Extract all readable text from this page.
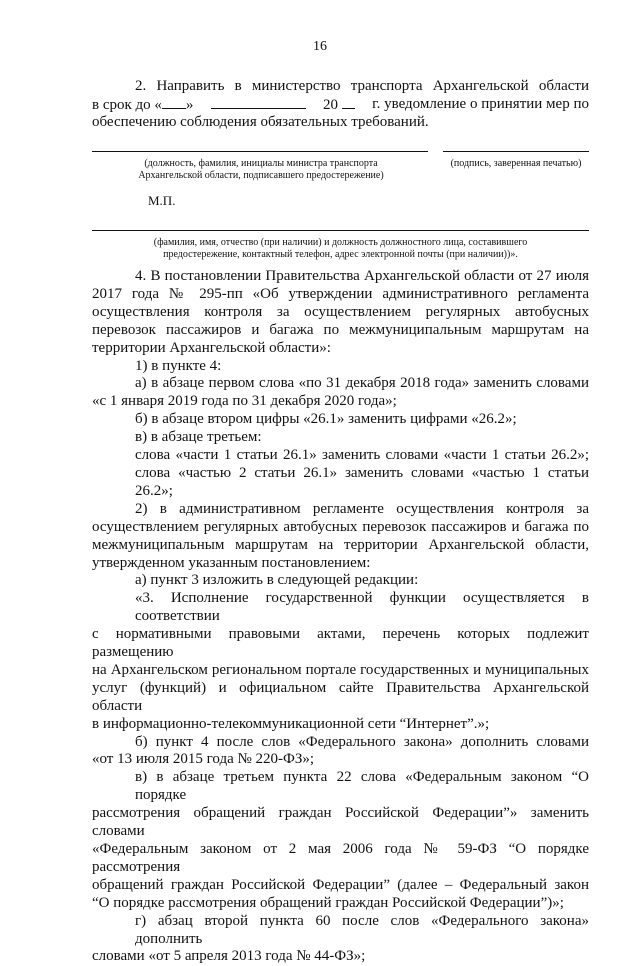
16
2. Направить в министерство транспорта Архангельской области
в срок до « »	20	г. уведомление о принятии мер по
обеспечению соблюдения обязательных требований.
(должность, фамилия, инициалы министра транспорта
Архангельской области, подписавшего предостережение)
(подпись, заверенная печатью)
М.П.
(фамилия, имя, отчество (при наличии) и должность должностного лица, составившего
предостережение, контактный телефон, адрес электронной почты (при наличии))».
4. В постановлении Правительства Архангельской области от 27 июля
2017 года № 295-пп «Об утверждении административного регламента
осуществления контроля за осуществлением регулярных автобусных
перевозок пассажиров и багажа по межмуниципальным маршрутам на
территории Архангельской области»:
1) в пункте 4:
а) в абзаце первом слова «по 31 декабря 2018 года» заменить словами
«с 1 января 2019 года по 31 декабря 2020 года»;
б) в абзаце втором цифры «26.1» заменить цифрами «26.2»;
в) в абзаце третьем:
слова «части 1 статьи 26.1» заменить словами «части 1 статьи 26.2»;
слова «частью 2 статьи 26.1» заменить словами «частью 1 статьи 26.2»;
2) в административном регламенте осуществления контроля за
осуществлением регулярных автобусных перевозок пассажиров и багажа по
межмуниципальным маршрутам на территории Архангельской области,
утвержденном указанным постановлением:
а) пункт 3 изложить в следующей редакции:
«3. Исполнение государственной функции осуществляется в соответствии
с нормативными правовыми актами, перечень которых подлежит размещению
на Архангельском региональном портале государственных и муниципальных
услуг (функций) и официальном сайте Правительства Архангельской области
в информационно-телекоммуникационной сети “Интернет”.»;
б) пункт 4 после слов «Федерального закона» дополнить словами
«от 13 июля 2015 года № 220-ФЗ»;
в) в абзаце третьем пункта 22 слова «Федеральным законом “О порядке
рассмотрения обращений граждан Российской Федерации”» заменить словами
«Федеральным законом от 2 мая 2006 года № 59-ФЗ “О порядке рассмотрения
обращений граждан Российской Федерации” (далее – Федеральный закон
“О порядке рассмотрения обращений граждан Российской Федерации”)»;
г) абзац второй пункта 60 после слов «Федерального закона» дополнить
словами «от 5 апреля 2013 года № 44-ФЗ»;
